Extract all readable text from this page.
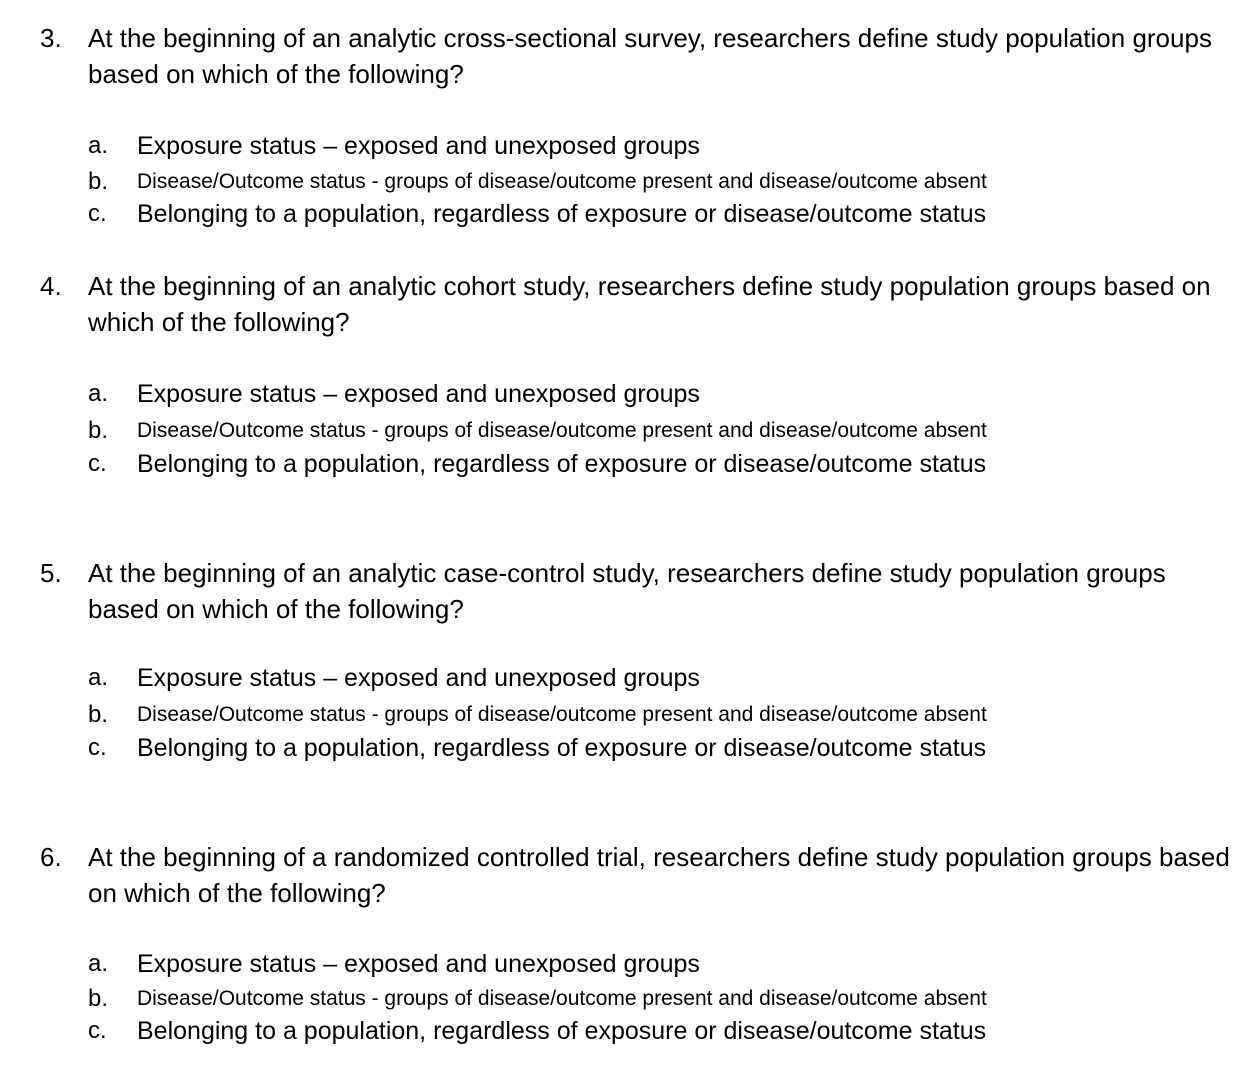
3. At the beginning of an analytic cross-sectional survey, researchers define study population groups based on which of the following?
a. Exposure status – exposed and unexposed groups
b. Disease/Outcome status - groups of disease/outcome present and disease/outcome absent
c. Belonging to a population, regardless of exposure or disease/outcome status
4. At the beginning of an analytic cohort study, researchers define study population groups based on which of the following?
a. Exposure status – exposed and unexposed groups
b. Disease/Outcome status - groups of disease/outcome present and disease/outcome absent
c. Belonging to a population, regardless of exposure or disease/outcome status
5. At the beginning of an analytic case-control study, researchers define study population groups based on which of the following?
a. Exposure status – exposed and unexposed groups
b. Disease/Outcome status - groups of disease/outcome present and disease/outcome absent
c. Belonging to a population, regardless of exposure or disease/outcome status
6. At the beginning of a randomized controlled trial, researchers define study population groups based on which of the following?
a. Exposure status – exposed and unexposed groups
b. Disease/Outcome status - groups of disease/outcome present and disease/outcome absent
c. Belonging to a population, regardless of exposure or disease/outcome status
